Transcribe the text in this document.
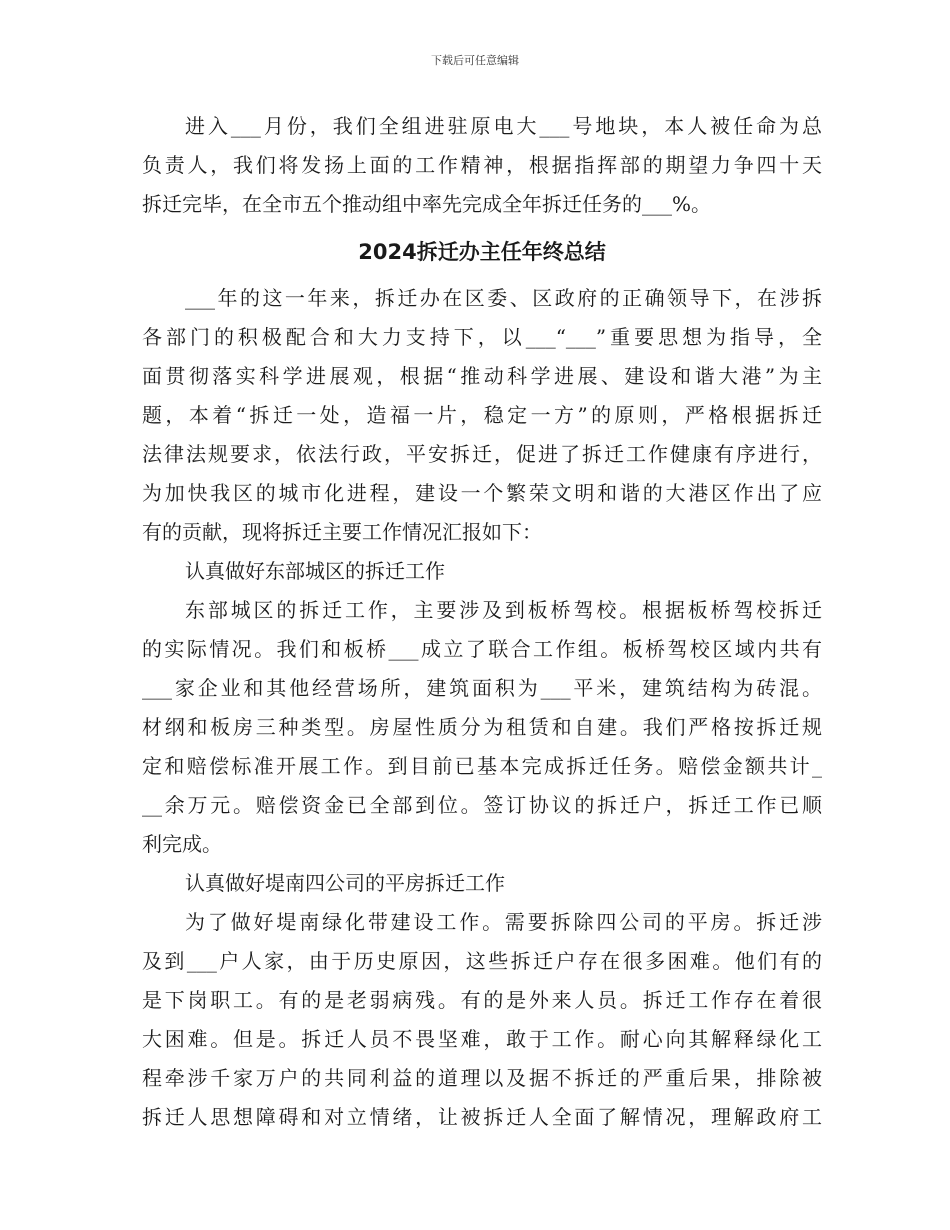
下载后可任意编辑
进入___月份，我们全组进驻原电大___号地块，本人被任命为总
负责人，我们将发扬上面的工作精神，根据指挥部的期望力争四十天
拆迁完毕，在全市五个推动组中率先完成全年拆迁任务的___%。
2024拆迁办主任年终总结
___年的这一年来，拆迁办在区委、区政府的正确领导下，在涉拆
各部门的积极配合和大力支持下，以___“___”重要思想为指导，全
面贯彻落实科学进展观，根据“推动科学进展、建设和谐大港”为主
题，本着“拆迁一处，造福一片，稳定一方”的原则，严格根据拆迁
法律法规要求，依法行政，平安拆迁，促进了拆迁工作健康有序进行，
为加快我区的城市化进程，建设一个繁荣文明和谐的大港区作出了应
有的贡献，现将拆迁主要工作情况汇报如下：
认真做好东部城区的拆迁工作
东部城区的拆迁工作，主要涉及到板桥驾校。根据板桥驾校拆迁
的实际情况。我们和板桥___成立了联合工作组。板桥驾校区域内共有
___家企业和其他经营场所，建筑面积为___平米，建筑结构为砖混。
材纲和板房三种类型。房屋性质分为租赁和自建。我们严格按拆迁规
定和赔偿标准开展工作。到目前已基本完成拆迁任务。赔偿金额共计_
__余万元。赔偿资金已全部到位。签订协议的拆迁户，拆迁工作已顺
利完成。
认真做好堤南四公司的平房拆迁工作
为了做好堤南绿化带建设工作。需要拆除四公司的平房。拆迁涉
及到___户人家，由于历史原因，这些拆迁户存在很多困难。他们有的
是下岗职工。有的是老弱病残。有的是外来人员。拆迁工作存在着很
大困难。但是。拆迁人员不畏坚难，敢于工作。耐心向其解释绿化工
程牵涉千家万户的共同利益的道理以及据不拆迁的严重后果，排除被
拆迁人思想障碍和对立情绪，让被拆迁人全面了解情况，理解政府工
